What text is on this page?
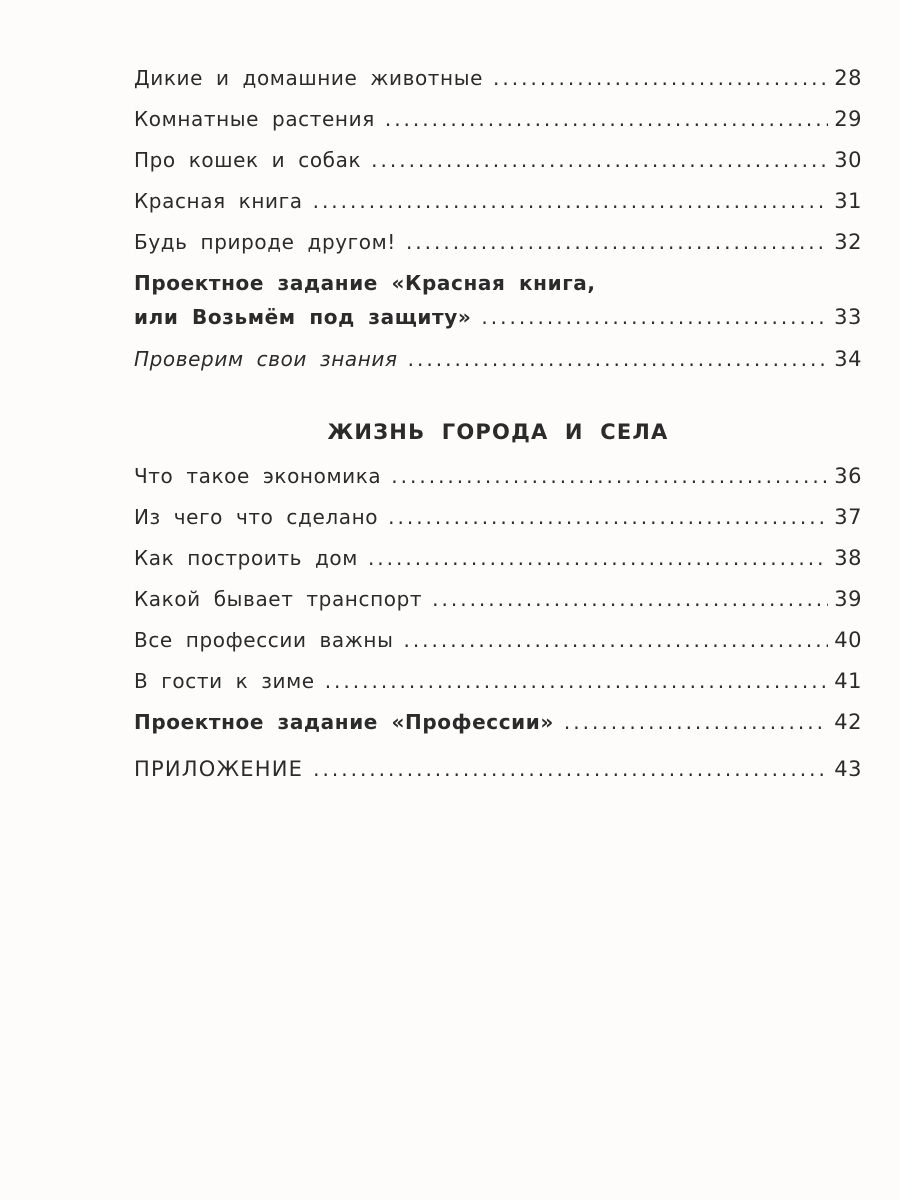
Дикие и домашние животные .....	28
Комнатные растения .....	29
Про кошек и собак .....	30
Красная книга .....	31
Будь природе другом! .....	32
Проектное задание «Красная книга,
или Возьмём под защиту» .....	33
Проверим свои знания .....	34
ЖИЗНЬ ГОРОДА И СЕЛА
Что такое экономика .....	36
Из чего что сделано .....	37
Как построить дом .....	38
Какой бывает транспорт .....	39
Все профессии важны .....	40
В гости к зиме .....	41
Проектное задание «Профессии» .....	42
ПРИЛОЖЕНИЕ .....	43
